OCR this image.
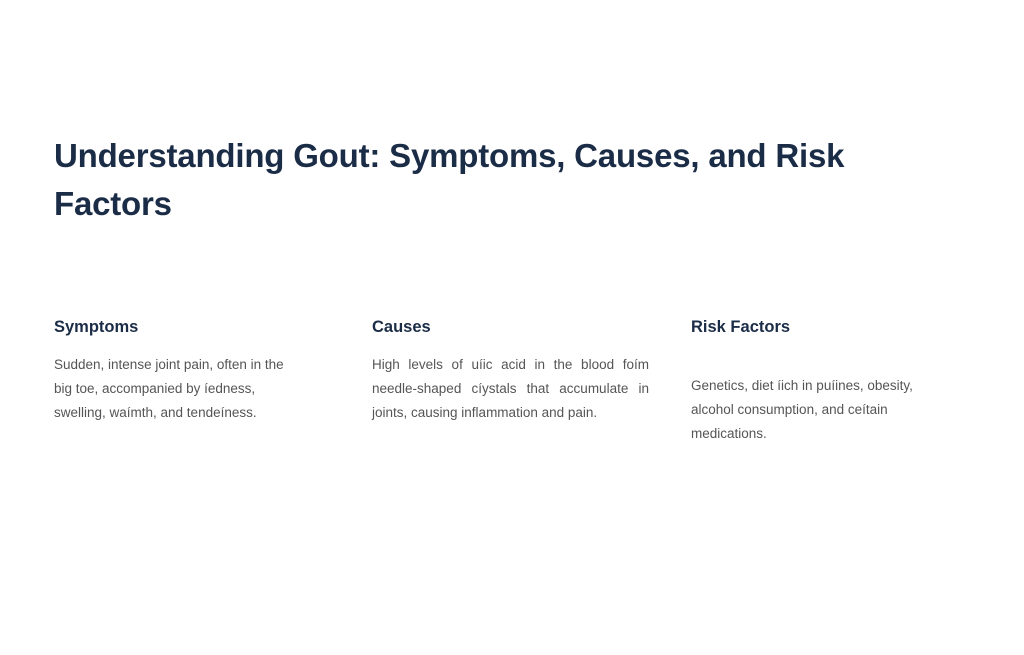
Understanding Gout: Symptoms, Causes, and Risk Factors
Symptoms

Sudden, intense joint pain, often in the big toe, accompanied by íedness, swelling, waímth, and tendeíness.

Causes

High levels of uíic acid in the blood foím needle-shaped cíystals that accumulate in joints, causing inflammation and pain.

Risk Factors

Genetics, diet íich in puíines, obesity, alcohol consumption, and ceítain medications.
